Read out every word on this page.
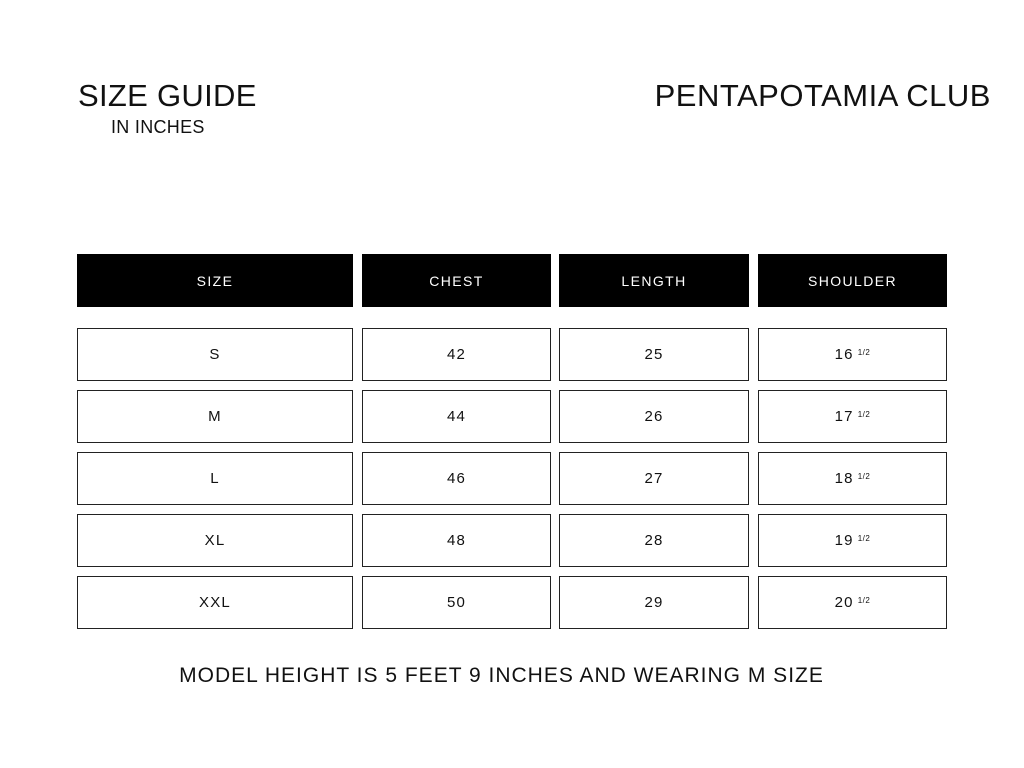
SIZE GUIDE
IN INCHES
PENTAPOTAMIA CLUB
SIZE	CHEST	LENGTH	SHOULDER
S	42	25	16 1/2
M	44	26	17 1/2
L	46	27	18 1/2
XL	48	28	19 1/2
XXL	50	29	20 1/2
MODEL HEIGHT IS 5 FEET 9 INCHES AND WEARING M SIZE
